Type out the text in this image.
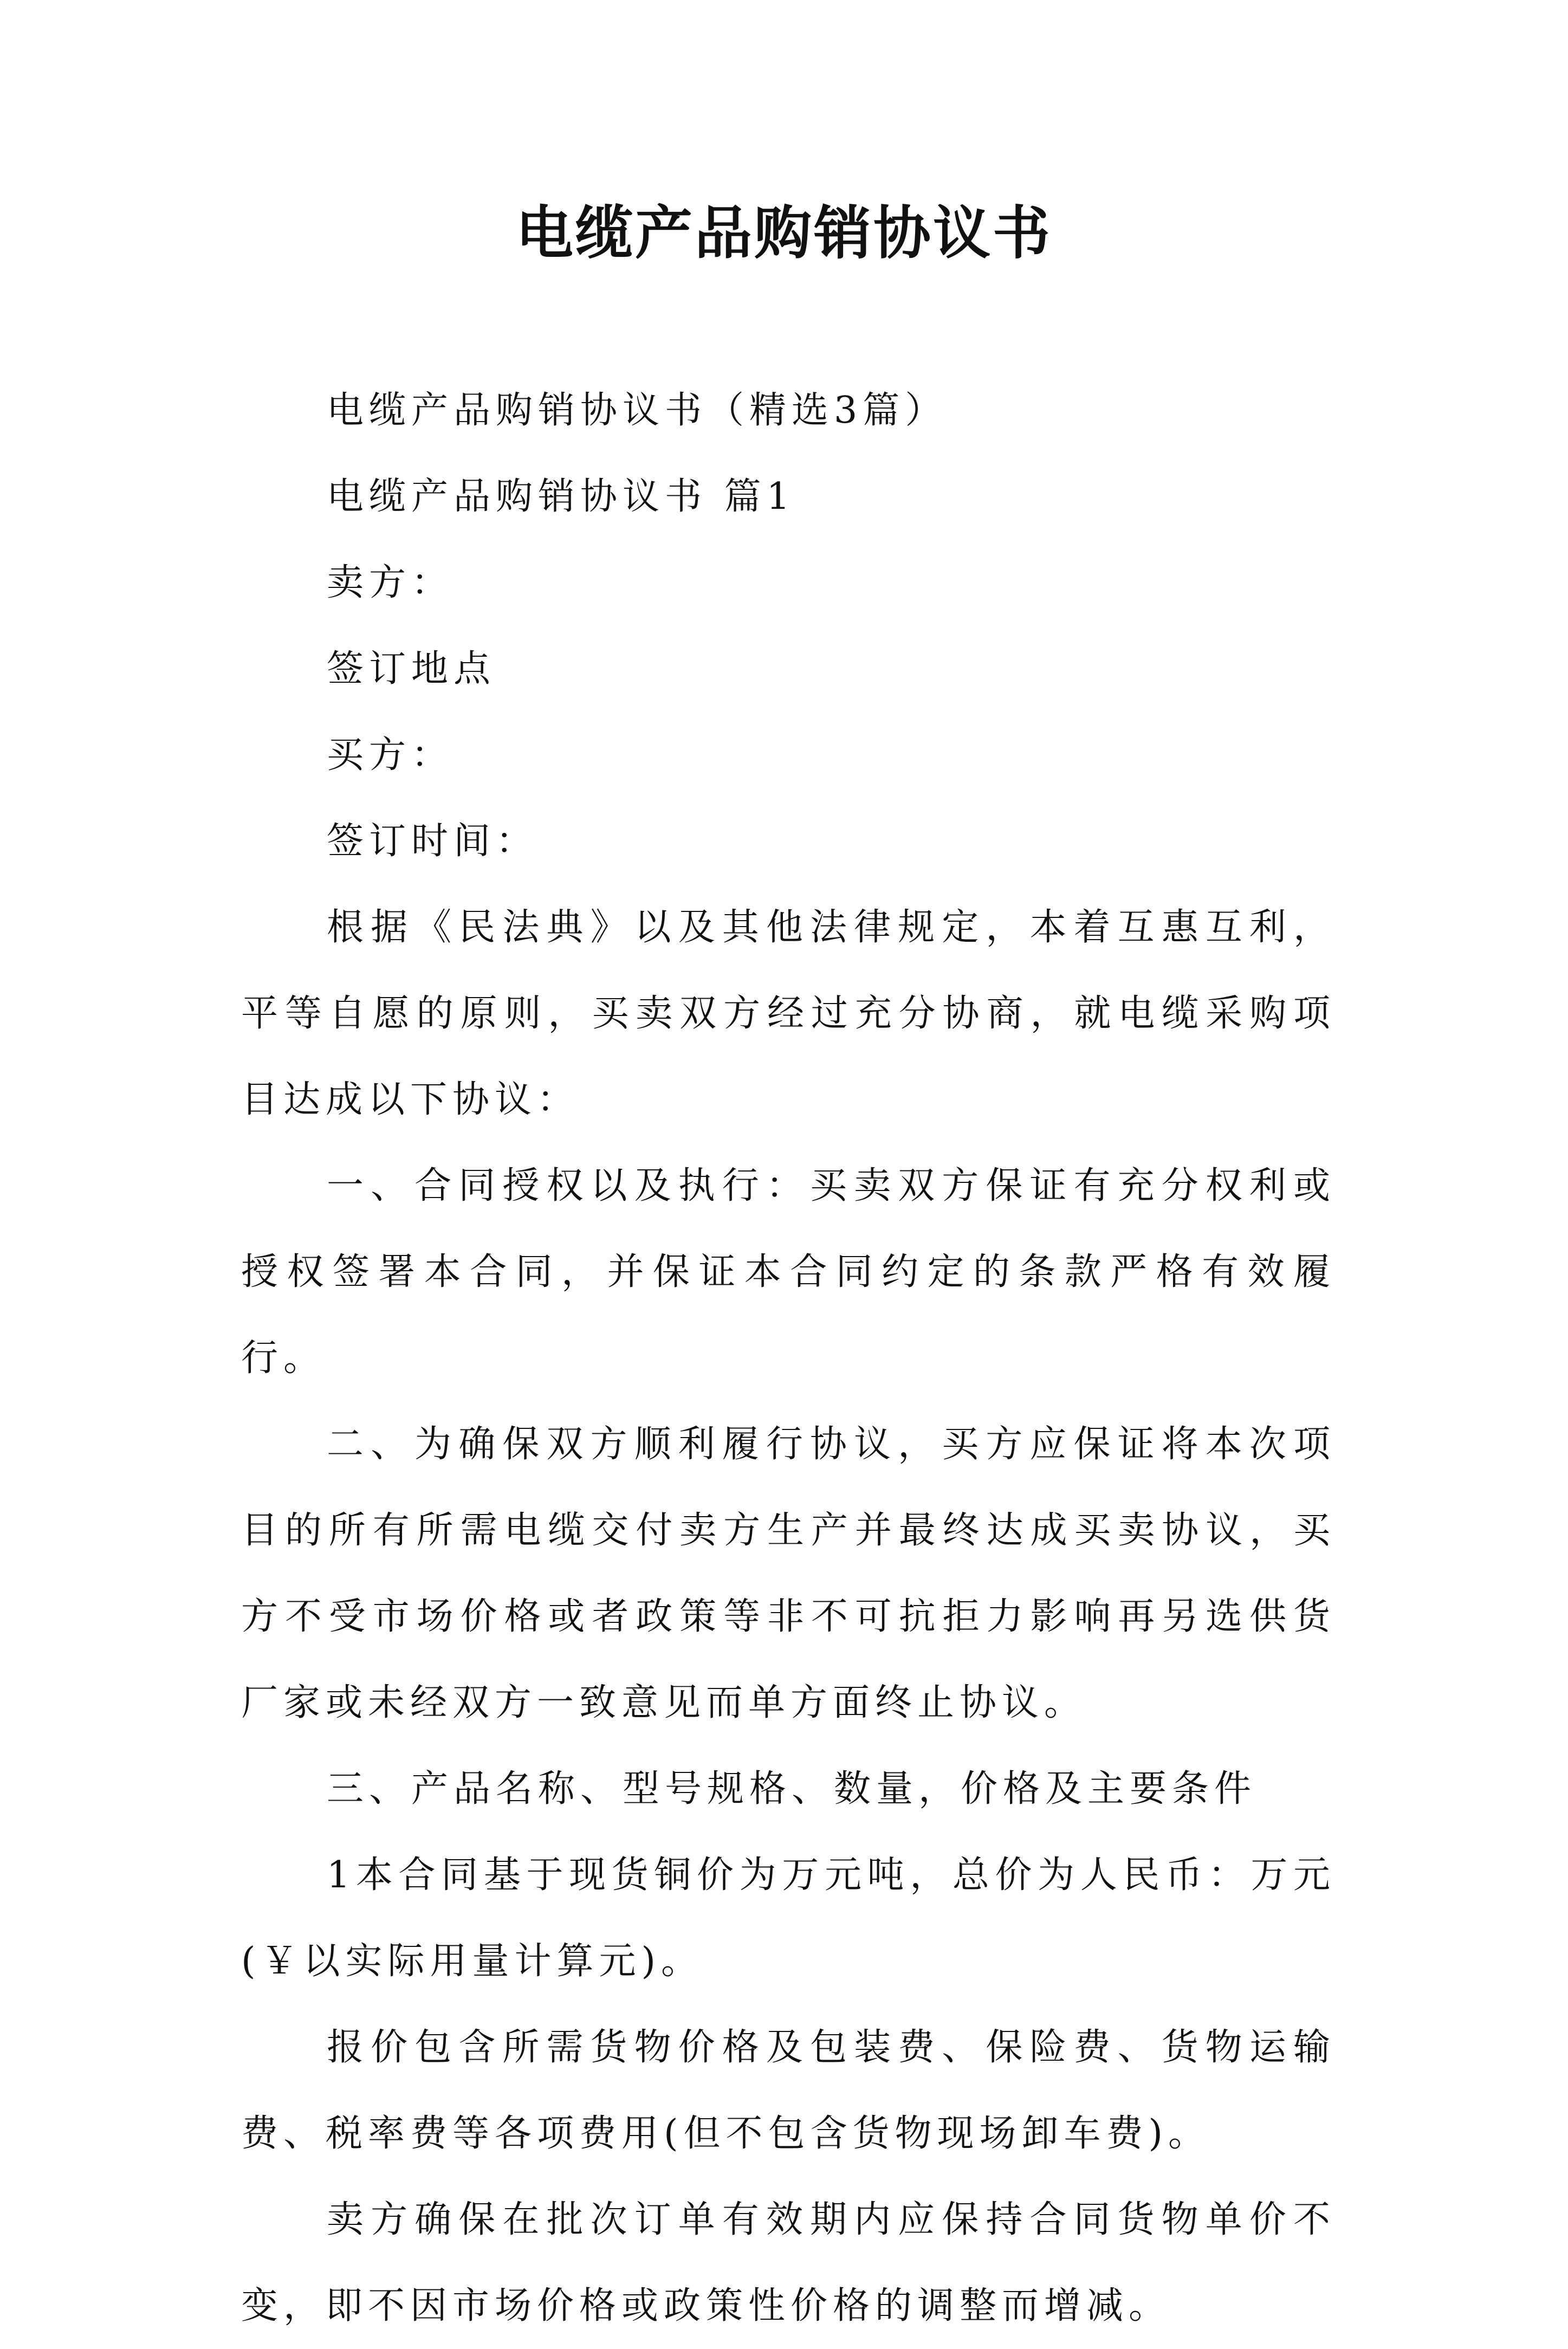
电缆产品购销协议书

电缆产品购销协议书（精选3篇）

电缆产品购销协议书 篇1

卖方：

签订地点

买方：

签订时间：

根据《民法典》以及其他法律规定，本着互惠互利，平等自愿的原则，买卖双方经过充分协商，就电缆采购项目达成以下协议：

一、合同授权以及执行：买卖双方保证有充分权利或授权签署本合同，并保证本合同约定的条款严格有效履行。

二、为确保双方顺利履行协议，买方应保证将本次项目的所有所需电缆交付卖方生产并最终达成买卖协议，买方不受市场价格或者政策等非不可抗拒力影响再另选供货厂家或未经双方一致意见而单方面终止协议。

三、产品名称、型号规格、数量，价格及主要条件

1本合同基于现货铜价为万元吨，总价为人民币：万元(￥以实际用量计算元)。

报价包含所需货物价格及包装费、保险费、货物运输费、税率费等各项费用(但不包含货物现场卸车费)。

卖方确保在批次订单有效期内应保持合同货物单价不变，即不因市场价格或政策性价格的调整而增减。
